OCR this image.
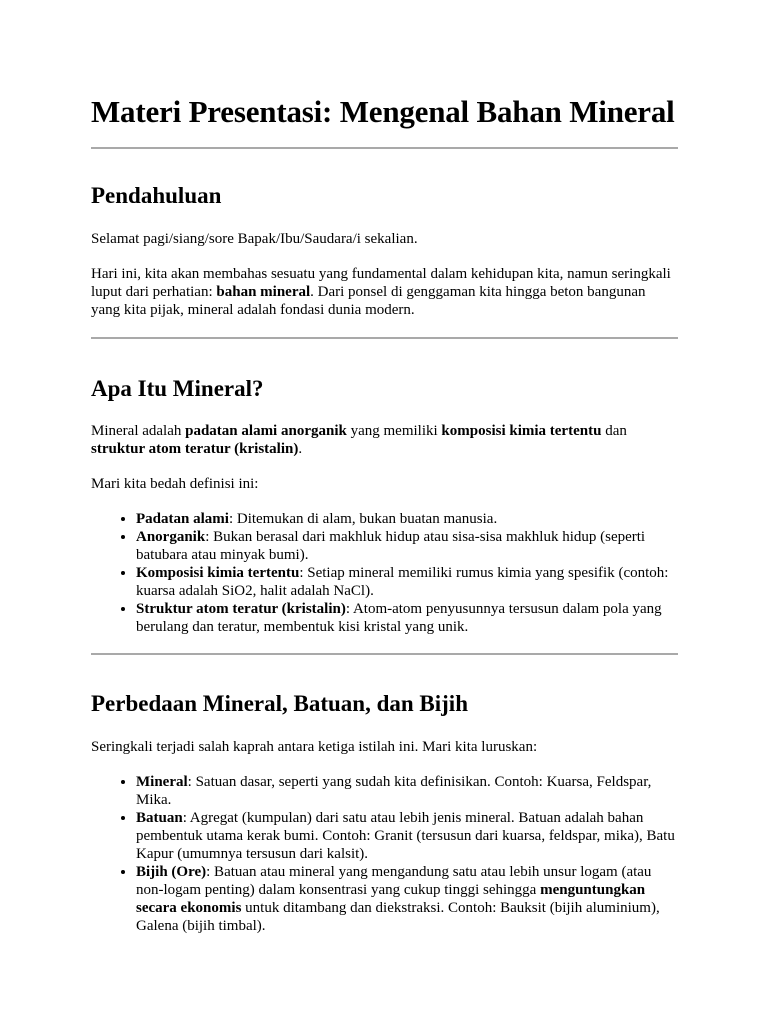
Materi Presentasi: Mengenal Bahan Mineral
Pendahuluan

Selamat pagi/siang/sore Bapak/Ibu/Saudara/i sekalian.

Hari ini, kita akan membahas sesuatu yang fundamental dalam kehidupan kita, namun seringkali luput dari perhatian: bahan mineral. Dari ponsel di genggaman kita hingga beton bangunan yang kita pijak, mineral adalah fondasi dunia modern.

Apa Itu Mineral?

Mineral adalah padatan alami anorganik yang memiliki komposisi kimia tertentu dan struktur atom teratur (kristalin).

Mari kita bedah definisi ini:

• Padatan alami: Ditemukan di alam, bukan buatan manusia.
• Anorganik: Bukan berasal dari makhluk hidup atau sisa-sisa makhluk hidup (seperti batubara atau minyak bumi).
• Komposisi kimia tertentu: Setiap mineral memiliki rumus kimia yang spesifik (contoh: kuarsa adalah SiO2, halit adalah NaCl).
• Struktur atom teratur (kristalin): Atom-atom penyusunnya tersusun dalam pola yang berulang dan teratur, membentuk kisi kristal yang unik.
Perbedaan Mineral, Batuan, dan Bijih

Seringkali terjadi salah kaprah antara ketiga istilah ini. Mari kita luruskan:

• Mineral: Satuan dasar, seperti yang sudah kita definisikan. Contoh: Kuarsa, Feldspar, Mika.
• Batuan: Agregat (kumpulan) dari satu atau lebih jenis mineral. Batuan adalah bahan pembentuk utama kerak bumi. Contoh: Granit (tersusun dari kuarsa, feldspar, mika), Batu Kapur (umumnya tersusun dari kalsit).
• Bijih (Ore): Batuan atau mineral yang mengandung satu atau lebih unsur logam (atau non-logam penting) dalam konsentrasi yang cukup tinggi sehingga menguntungkan secara ekonomis untuk ditambang dan diekstraksi. Contoh: Bauksit (bijih aluminium), Galena (bijih timbal).
